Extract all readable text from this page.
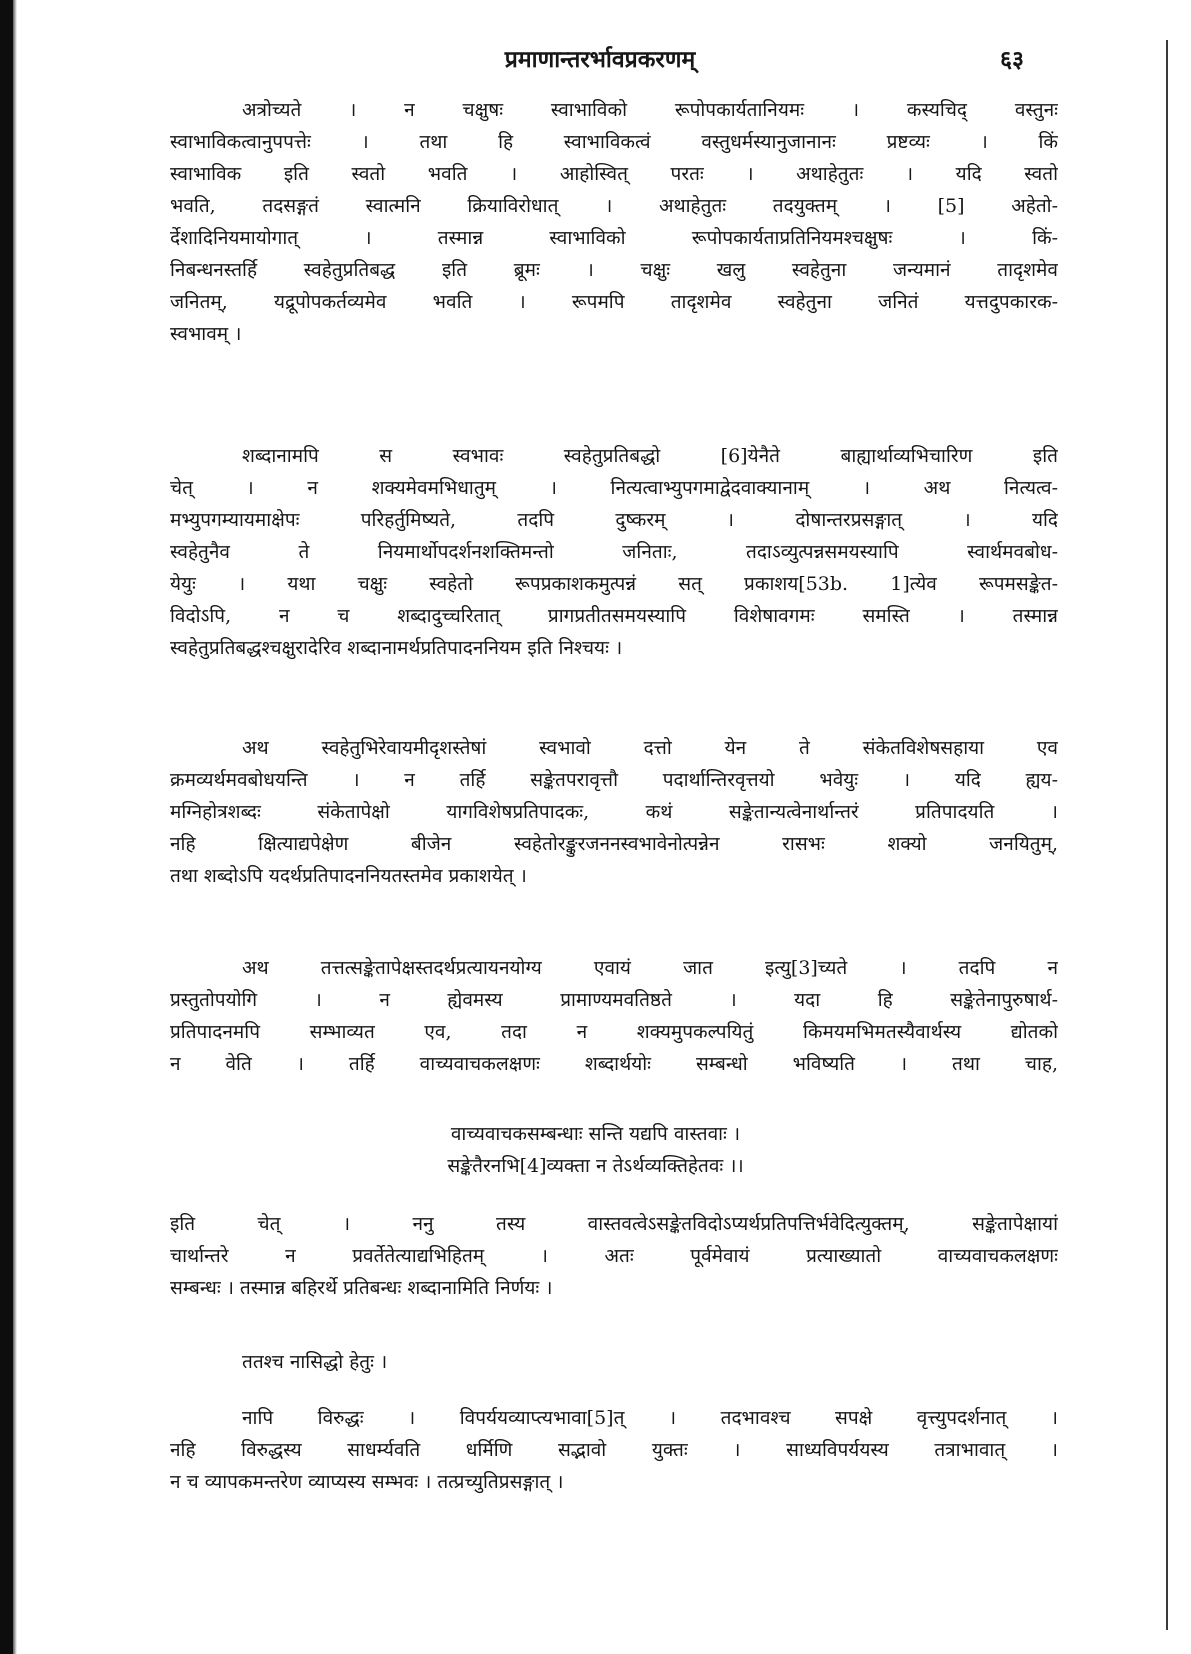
प्रमाणान्तरर्भावप्रकरणम्	६३
अत्रोच्यते । न चक्षुषः स्वाभाविको रूपोपकार्यतानियमः । कस्यचिद् वस्तुनः
स्वाभाविकत्वानुपपत्तेः । तथा हि स्वाभाविकत्वं वस्तुधर्मस्यानुजानानः प्रष्टव्यः । किं
स्वाभाविक इति स्वतो भवति । आहोस्वित् परतः । अथाहेतुतः । यदि स्वतो
भवति, तदसङ्गतं स्वात्मनि क्रियाविरोधात् । अथाहेतुतः तदयुक्तम् । [5] अहेतो-
र्देशादिनियमायोगात् । तस्मान्न स्वाभाविको रूपोपकार्यताप्रतिनियमश्चक्षुषः । किं-
निबन्धनस्तर्हि स्वहेतुप्रतिबद्ध इति ब्रूमः । चक्षुः खलु स्वहेतुना जन्यमानं तादृशमेव
जनितम्, यद्रूपोपकर्तव्यमेव भवति । रूपमपि तादृशमेव स्वहेतुना जनितं यत्तदुपकारक-
स्वभावम् ।
शब्दानामपि स स्वभावः स्वहेतुप्रतिबद्धो [6]येनैते बाह्यार्थाव्यभिचारिण इति
चेत् । न शक्यमेवमभिधातुम् । नित्यत्वाभ्युपगमाद्वेदवाक्यानाम् । अथ नित्यत्व-
मभ्युपगम्यायमाक्षेपः परिहर्तुमिष्यते, तदपि दुष्करम् । दोषान्तरप्रसङ्गात् । यदि
स्वहेतुनैव ते नियमार्थोपदर्शनशक्तिमन्तो जनिताः, तदाऽव्युत्पन्नसमयस्यापि स्वार्थमवबोध-
येयुः । यथा चक्षुः स्वहेतो रूपप्रकाशकमुत्पन्नं सत् प्रकाशय[53b. 1]त्येव रूपमसङ्केत-
विदोऽपि, न च शब्दादुच्चरितात् प्रागप्रतीतसमयस्यापि विशेषावगमः समस्ति । तस्मान्न
स्वहेतुप्रतिबद्धश्चक्षुरादेरिव शब्दानामर्थप्रतिपादननियम इति निश्चयः ।
अथ स्वहेतुभिरेवायमीदृशस्तेषां स्वभावो दत्तो येन ते संकेतविशेषसहाया एव
क्रमव्यर्थमवबोधयन्ति । न तर्हि सङ्केतपरावृत्तौ पदार्थान्तिरवृत्तयो भवेयुः । यदि ह्यय-
मग्निहोत्रशब्दः संकेतापेक्षो यागविशेषप्रतिपादकः, कथं सङ्केतान्यत्वेनार्थान्तरं प्रतिपादयति ।
नहि क्षित्याद्यपेक्षेण बीजेन स्वहेतोरङ्कुरजननस्वभावेनोत्पन्नेन रासभः शक्यो जनयितुम्,
तथा शब्दोऽपि यदर्थप्रतिपादननियतस्तमेव प्रकाशयेत् ।
अथ तत्तत्सङ्केतापेक्षस्तदर्थप्रत्यायनयोग्य एवायं जात इत्यु[3]च्यते । तदपि न
प्रस्तुतोपयोगि । न ह्येवमस्य प्रामाण्यमवतिष्ठते । यदा हि सङ्केतेनापुरुषार्थ-
प्रतिपादनमपि सम्भाव्यत एव, तदा न शक्यमुपकल्पयितुं किमयमभिमतस्यैवार्थस्य द्योतको
न वेति । तर्हि वाच्यवाचकलक्षणः शब्दार्थयोः सम्बन्धो भविष्यति । तथा चाह,
वाच्यवाचकसम्बन्धाः सन्ति यद्यपि वास्तवाः ।
सङ्केतैरनभि[4]व्यक्ता न तेऽर्थव्यक्तिहेतवः ।।
इति चेत् । ननु तस्य वास्तवत्वेऽसङ्केतविदोऽप्यर्थप्रतिपत्तिर्भवेदित्युक्तम्, सङ्केतापेक्षायां
चार्थान्तरे न प्रवर्तेतेत्याद्यभिहितम् । अतः पूर्वमेवायं प्रत्याख्यातो वाच्यवाचकलक्षणः
सम्बन्धः । तस्मान्न बहिरर्थे प्रतिबन्धः शब्दानामिति निर्णयः ।
ततश्च नासिद्धो हेतुः ।
नापि विरुद्धः । विपर्ययव्याप्त्यभावा[5]त् । तदभावश्च सपक्षे वृत्त्युपदर्शनात् ।
नहि विरुद्धस्य साधर्म्यवति धर्मिणि सद्भावो युक्तः । साध्यविपर्ययस्य तत्राभावात् ।
न च व्यापकमन्तरेण व्याप्यस्य सम्भवः । तत्प्रच्युतिप्रसङ्गात् ।
